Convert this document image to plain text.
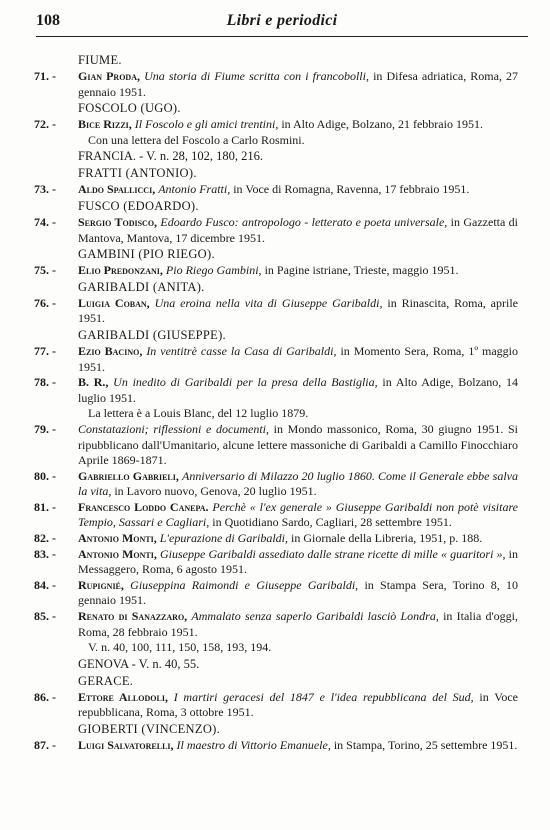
108	Libri e periodici
FIUME.
71. -	Gian Proda, Una storia di Fiume scritta con i francobolli, in Difesa adriatica, Roma, 27 gennaio 1951.
FOSCOLO (UGO).
72. -	Bice Rizzi, Il Foscolo e gli amici trentini, in Alto Adige, Bolzano, 21 febbraio 1951.
Con una lettera del Foscolo a Carlo Rosmini.
FRANCIA. - V. n. 28, 102, 180, 216.
FRATTI (ANTONIO).
73. -	Aldo Spallicci, Antonio Fratti, in Voce di Romagna, Ravenna, 17 febbraio 1951.
FUSCO (EDOARDO).
74. -	Sergio Todisco, Edoardo Fusco: antropologo - letterato e poeta universale, in Gazzetta di Mantova, Mantova, 17 dicembre 1951.
GAMBINI (PIO RIEGO).
75. -	Elio Predonzani, Pio Riego Gambini, in Pagine istriane, Trieste, maggio 1951.
GARIBALDI (ANITA).
76. -	Luigia Coban, Una eroina nella vita di Giuseppe Garibaldi, in Rinascita, Roma, aprile 1951.
GARIBALDI (GIUSEPPE).
77. -	Ezio Bacino, In ventitrè casse la Casa di Garibaldi, in Momento Sera, Roma, 1º maggio 1951.
78. -	B. R., Un inedito di Garibaldi per la presa della Bastiglia, in Alto Adige, Bolzano, 14 luglio 1951.
La lettera è a Louis Blanc, del 12 luglio 1879.
79. -	Constatazioni; riflessioni e documenti, in Mondo massonico, Roma, 30 giugno 1951. Si ripubblicano dall'Umanitario, alcune lettere massoniche di Garibaldi a Camillo Finocchiaro Aprile 1869-1871.
80. -	Gabriello Gabrieli, Anniversario di Milazzo 20 luglio 1860. Come il Generale ebbe salva la vita, in Lavoro nuovo, Genova, 20 luglio 1951.
81. -	Francesco Loddo Canepa. Perchè « l'ex generale » Giuseppe Garibaldi non potè visitare Tempio, Sassari e Cagliari, in Quotidiano Sardo, Cagliari, 28 settembre 1951.
82. -	Antonio Monti, L'epurazione di Garibaldi, in Giornale della Libreria, 1951, p. 188.
83. -	Antonio Monti, Giuseppe Garibaldi assediato dalle strane ricette di mille « guaritori », in Messaggero, Roma, 6 agosto 1951.
84. -	Rupignié, Giuseppina Raimondi e Giuseppe Garibaldi, in Stampa Sera, Torino 8, 10 gennaio 1951.
85. -	Renato di Sanazzaro, Ammalato senza saperlo Garibaldi lasciò Londra, in Italia d'oggi, Roma, 28 febbraio 1951.
V. n. 40, 100, 111, 150, 158, 193, 194.
GENOVA - V. n. 40, 55.
GERACE.
86. -	Ettore Allodoli, I martiri geracesi del 1847 e l'idea repubblicana del Sud, in Voce repubblicana, Roma, 3 ottobre 1951.
GIOBERTI (VINCENZO).
87. -	Luigi Salvatorelli, Il maestro di Vittorio Emanuele, in Stampa, Torino, 25 settembre 1951.
